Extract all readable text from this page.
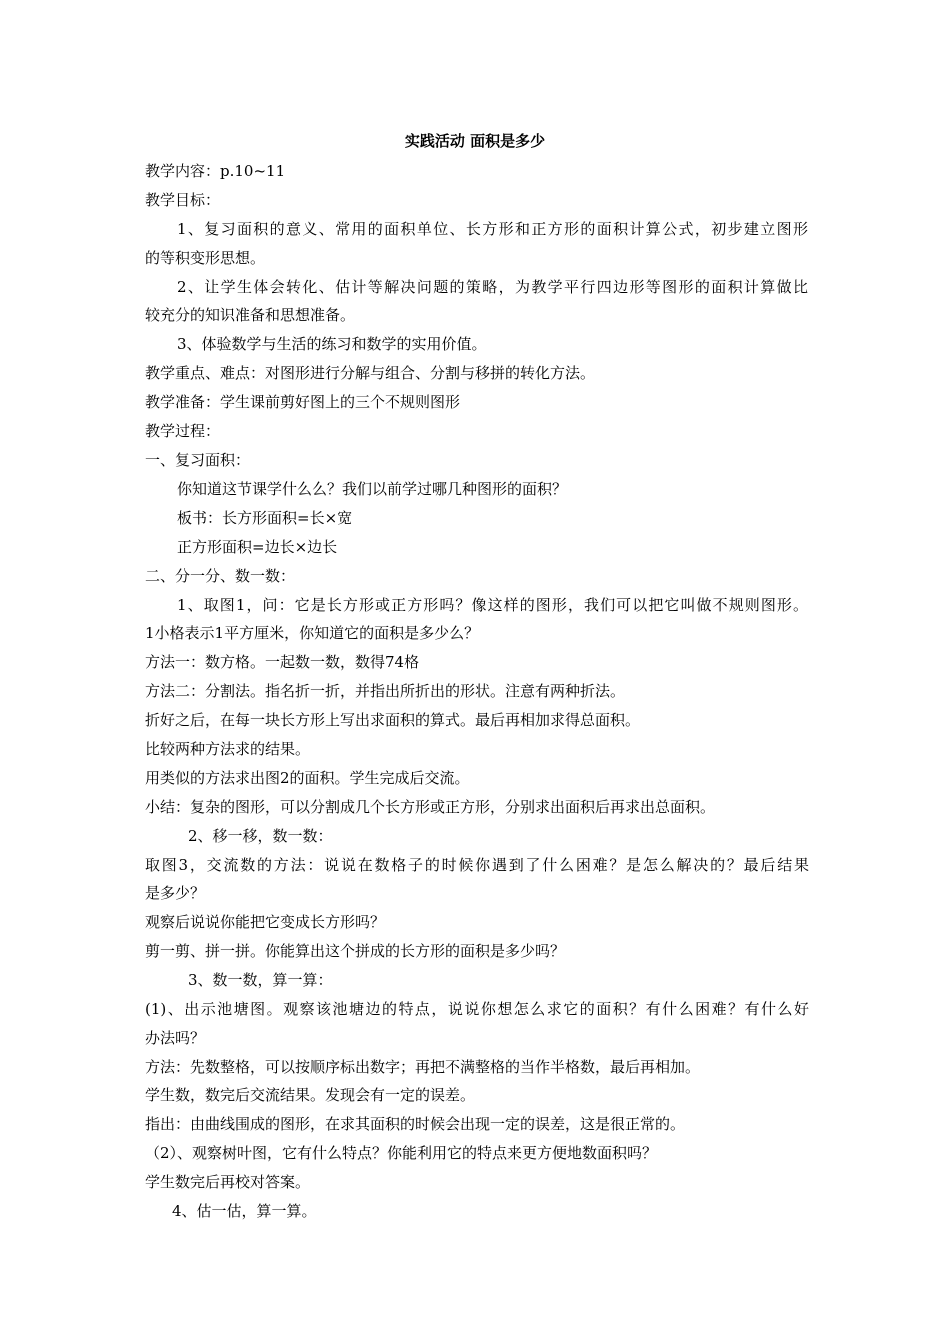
实践活动 面积是多少
教学内容：p.10~11
教学目标：
1、复习面积的意义、常用的面积单位、长方形和正方形的面积计算公式，初步建立图形
的等积变形思想。
2、让学生体会转化、估计等解决问题的策略，为教学平行四边形等图形的面积计算做比
较充分的知识准备和思想准备。
3、体验数学与生活的练习和数学的实用价值。
教学重点、难点：对图形进行分解与组合、分割与移拼的转化方法。
教学准备：学生课前剪好图上的三个不规则图形
教学过程：
一、复习面积：
你知道这节课学什么么？我们以前学过哪几种图形的面积？
板书：长方形面积=长×宽
正方形面积=边长×边长
二、分一分、数一数：
1、取图1，问：它是长方形或正方形吗？像这样的图形，我们可以把它叫做不规则图形。
1小格表示1平方厘米，你知道它的面积是多少么？
方法一：数方格。一起数一数，数得74格
方法二：分割法。指名折一折，并指出所折出的形状。注意有两种折法。
折好之后，在每一块长方形上写出求面积的算式。最后再相加求得总面积。
比较两种方法求的结果。
用类似的方法求出图2的面积。学生完成后交流。
小结：复杂的图形，可以分割成几个长方形或正方形，分别求出面积后再求出总面积。
2、移一移，数一数：
取图3，交流数的方法：说说在数格子的时候你遇到了什么困难？是怎么解决的？最后结果
是多少？
观察后说说你能把它变成长方形吗？
剪一剪、拼一拼。你能算出这个拼成的长方形的面积是多少吗？
3、数一数，算一算：
(1)、出示池塘图。观察该池塘边的特点，说说你想怎么求它的面积？有什么困难？有什么好
办法吗？
方法：先数整格，可以按顺序标出数字；再把不满整格的当作半格数，最后再相加。
学生数，数完后交流结果。发现会有一定的误差。
指出：由曲线围成的图形，在求其面积的时候会出现一定的误差，这是很正常的。
（2）、观察树叶图，它有什么特点？你能利用它的特点来更方便地数面积吗？
学生数完后再校对答案。
4、估一估，算一算。
